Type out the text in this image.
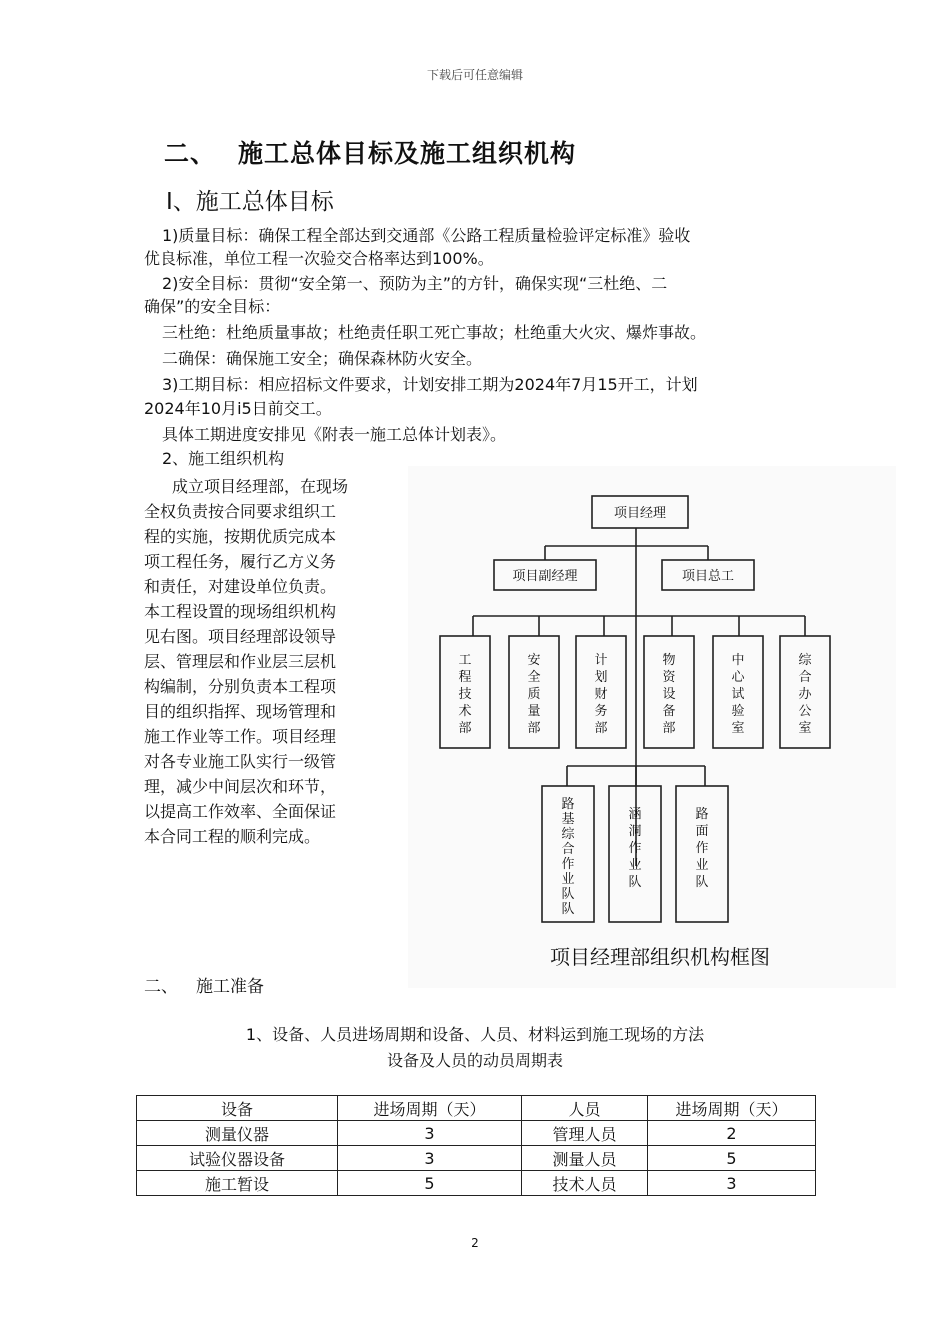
下载后可任意编辑
二、 施工总体目标及施工组织机构
I、施工总体目标
1)质量目标：确保工程全部达到交通部《公路工程质量检验评定标准》验收
优良标准，单位工程一次验交合格率达到100%。
2)安全目标：贯彻“安全第一、预防为主”的方针，确保实现“三杜绝、二
确保”的安全目标：
三杜绝：杜绝质量事故；杜绝责任职工死亡事故；杜绝重大火灾、爆炸事故。
二确保：确保施工安全；确保森林防火安全。
3)工期目标：相应招标文件要求，计划安排工期为2024年7月15开工，计划
2024年10月i5日前交工。
具体工期进度安排见《附表一施工总体计划表》。
2、施工组织机构
成立项目经理部，在现场
全权负责按合同要求组织工
程的实施，按期优质完成本
项工程任务，履行乙方义务
和责任，对建设单位负责。
本工程设置的现场组织机构
见右图。项目经理部设领导
层、管理层和作业层三层机
构编制，分别负责本工程项
目的组织指挥、现场管理和
施工作业等工作。项目经理
对各专业施工队实行一级管
理，减少中间层次和环节，
以提高工作效率、全面保证
本合同工程的顺利完成。
项目经理
项目副经理	项目总工
工程技术部
安全质量部
计划财务部
物资设备部
中心试验室
综合办公室
路基综合作业队队
涵洞作业队
路面作业队
项目经理部组织机构框图
二、 施工准备
1、设备、人员进场周期和设备、人员、材料运到施工现场的方法
设备及人员的动员周期表
设备	进场周期（天）	人员	进场周期（天）
测量仪器	3	管理人员	2
试验仪器设备	3	测量人员	5
施工暂设	5	技术人员	3
2
